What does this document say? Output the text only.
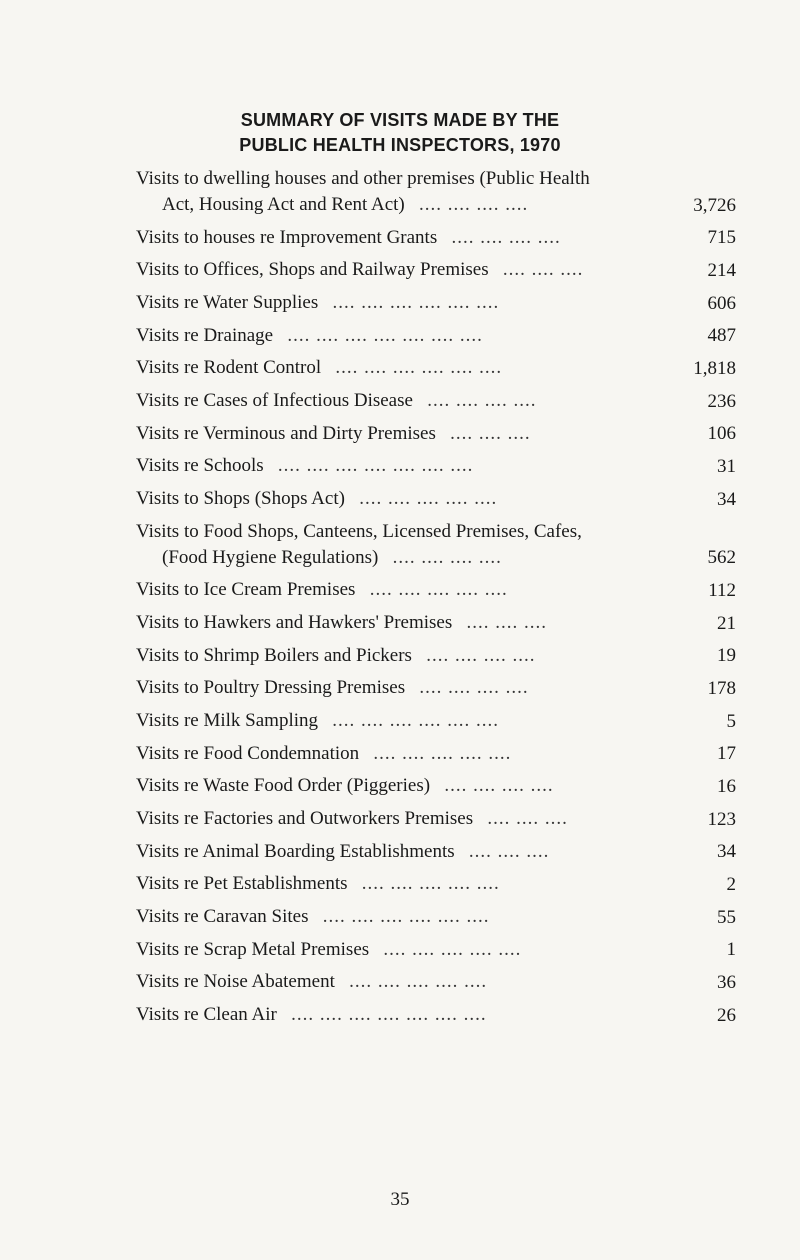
SUMMARY OF VISITS MADE BY THE
PUBLIC HEALTH INSPECTORS, 1970
Visits to dwelling houses and other premises (Public Health
Act, Housing Act and Rent Act) .... .... .... ....	3,726
Visits to houses re Improvement Grants .... .... .... ....	715
Visits to Offices, Shops and Railway Premises .... .... ....	214
Visits re Water Supplies .... .... .... .... .... ....	606
Visits re Drainage .... .... .... .... .... .... ....	487
Visits re Rodent Control .... .... .... .... .... ....	1,818
Visits re Cases of Infectious Disease .... .... .... ....	236
Visits re Verminous and Dirty Premises .... .... ....	106
Visits re Schools .... .... .... .... .... .... ....	31
Visits to Shops (Shops Act) .... .... .... .... ....	34
Visits to Food Shops, Canteens, Licensed Premises, Cafes,
(Food Hygiene Regulations) .... .... .... ....	562
Visits to Ice Cream Premises .... .... .... .... ....	112
Visits to Hawkers and Hawkers' Premises .... .... ....	21
Visits to Shrimp Boilers and Pickers .... .... .... ....	19
Visits to Poultry Dressing Premises .... .... .... ....	178
Visits re Milk Sampling .... .... .... .... .... ....	5
Visits re Food Condemnation .... .... .... .... ....	17
Visits re Waste Food Order (Piggeries) .... .... .... ....	16
Visits re Factories and Outworkers Premises .... .... ....	123
Visits re Animal Boarding Establishments .... .... ....	34
Visits re Pet Establishments .... .... .... .... ....	2
Visits re Caravan Sites .... .... .... .... .... ....	55
Visits re Scrap Metal Premises .... .... .... .... ....	1
Visits re Noise Abatement .... .... .... .... ....	36
Visits re Clean Air .... .... .... .... .... .... ....	26
35
